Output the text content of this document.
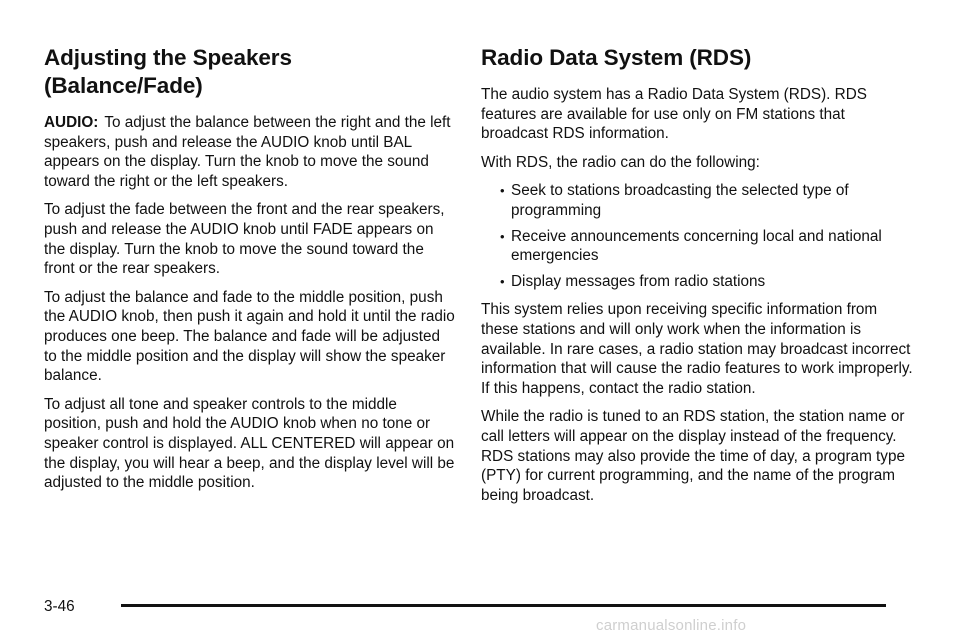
Adjusting the Speakers (Balance/Fade)

AUDIO: To adjust the balance between the right and the left speakers, push and release the AUDIO knob until BAL appears on the display. Turn the knob to move the sound toward the right or the left speakers.

To adjust the fade between the front and the rear speakers, push and release the AUDIO knob until FADE appears on the display. Turn the knob to move the sound toward the front or the rear speakers.

To adjust the balance and fade to the middle position, push the AUDIO knob, then push it again and hold it until the radio produces one beep. The balance and fade will be adjusted to the middle position and the display will show the speaker balance.

To adjust all tone and speaker controls to the middle position, push and hold the AUDIO knob when no tone or speaker control is displayed. ALL CENTERED will appear on the display, you will hear a beep, and the display level will be adjusted to the middle position.

Radio Data System (RDS)

The audio system has a Radio Data System (RDS). RDS features are available for use only on FM stations that broadcast RDS information.

With RDS, the radio can do the following:

• Seek to stations broadcasting the selected type of programming
• Receive announcements concerning local and national emergencies
• Display messages from radio stations

This system relies upon receiving specific information from these stations and will only work when the information is available. In rare cases, a radio station may broadcast incorrect information that will cause the radio features to work improperly. If this happens, contact the radio station.

While the radio is tuned to an RDS station, the station name or call letters will appear on the display instead of the frequency. RDS stations may also provide the time of day, a program type (PTY) for current programming, and the name of the program being broadcast.

3-46
carmanualsonline.info
